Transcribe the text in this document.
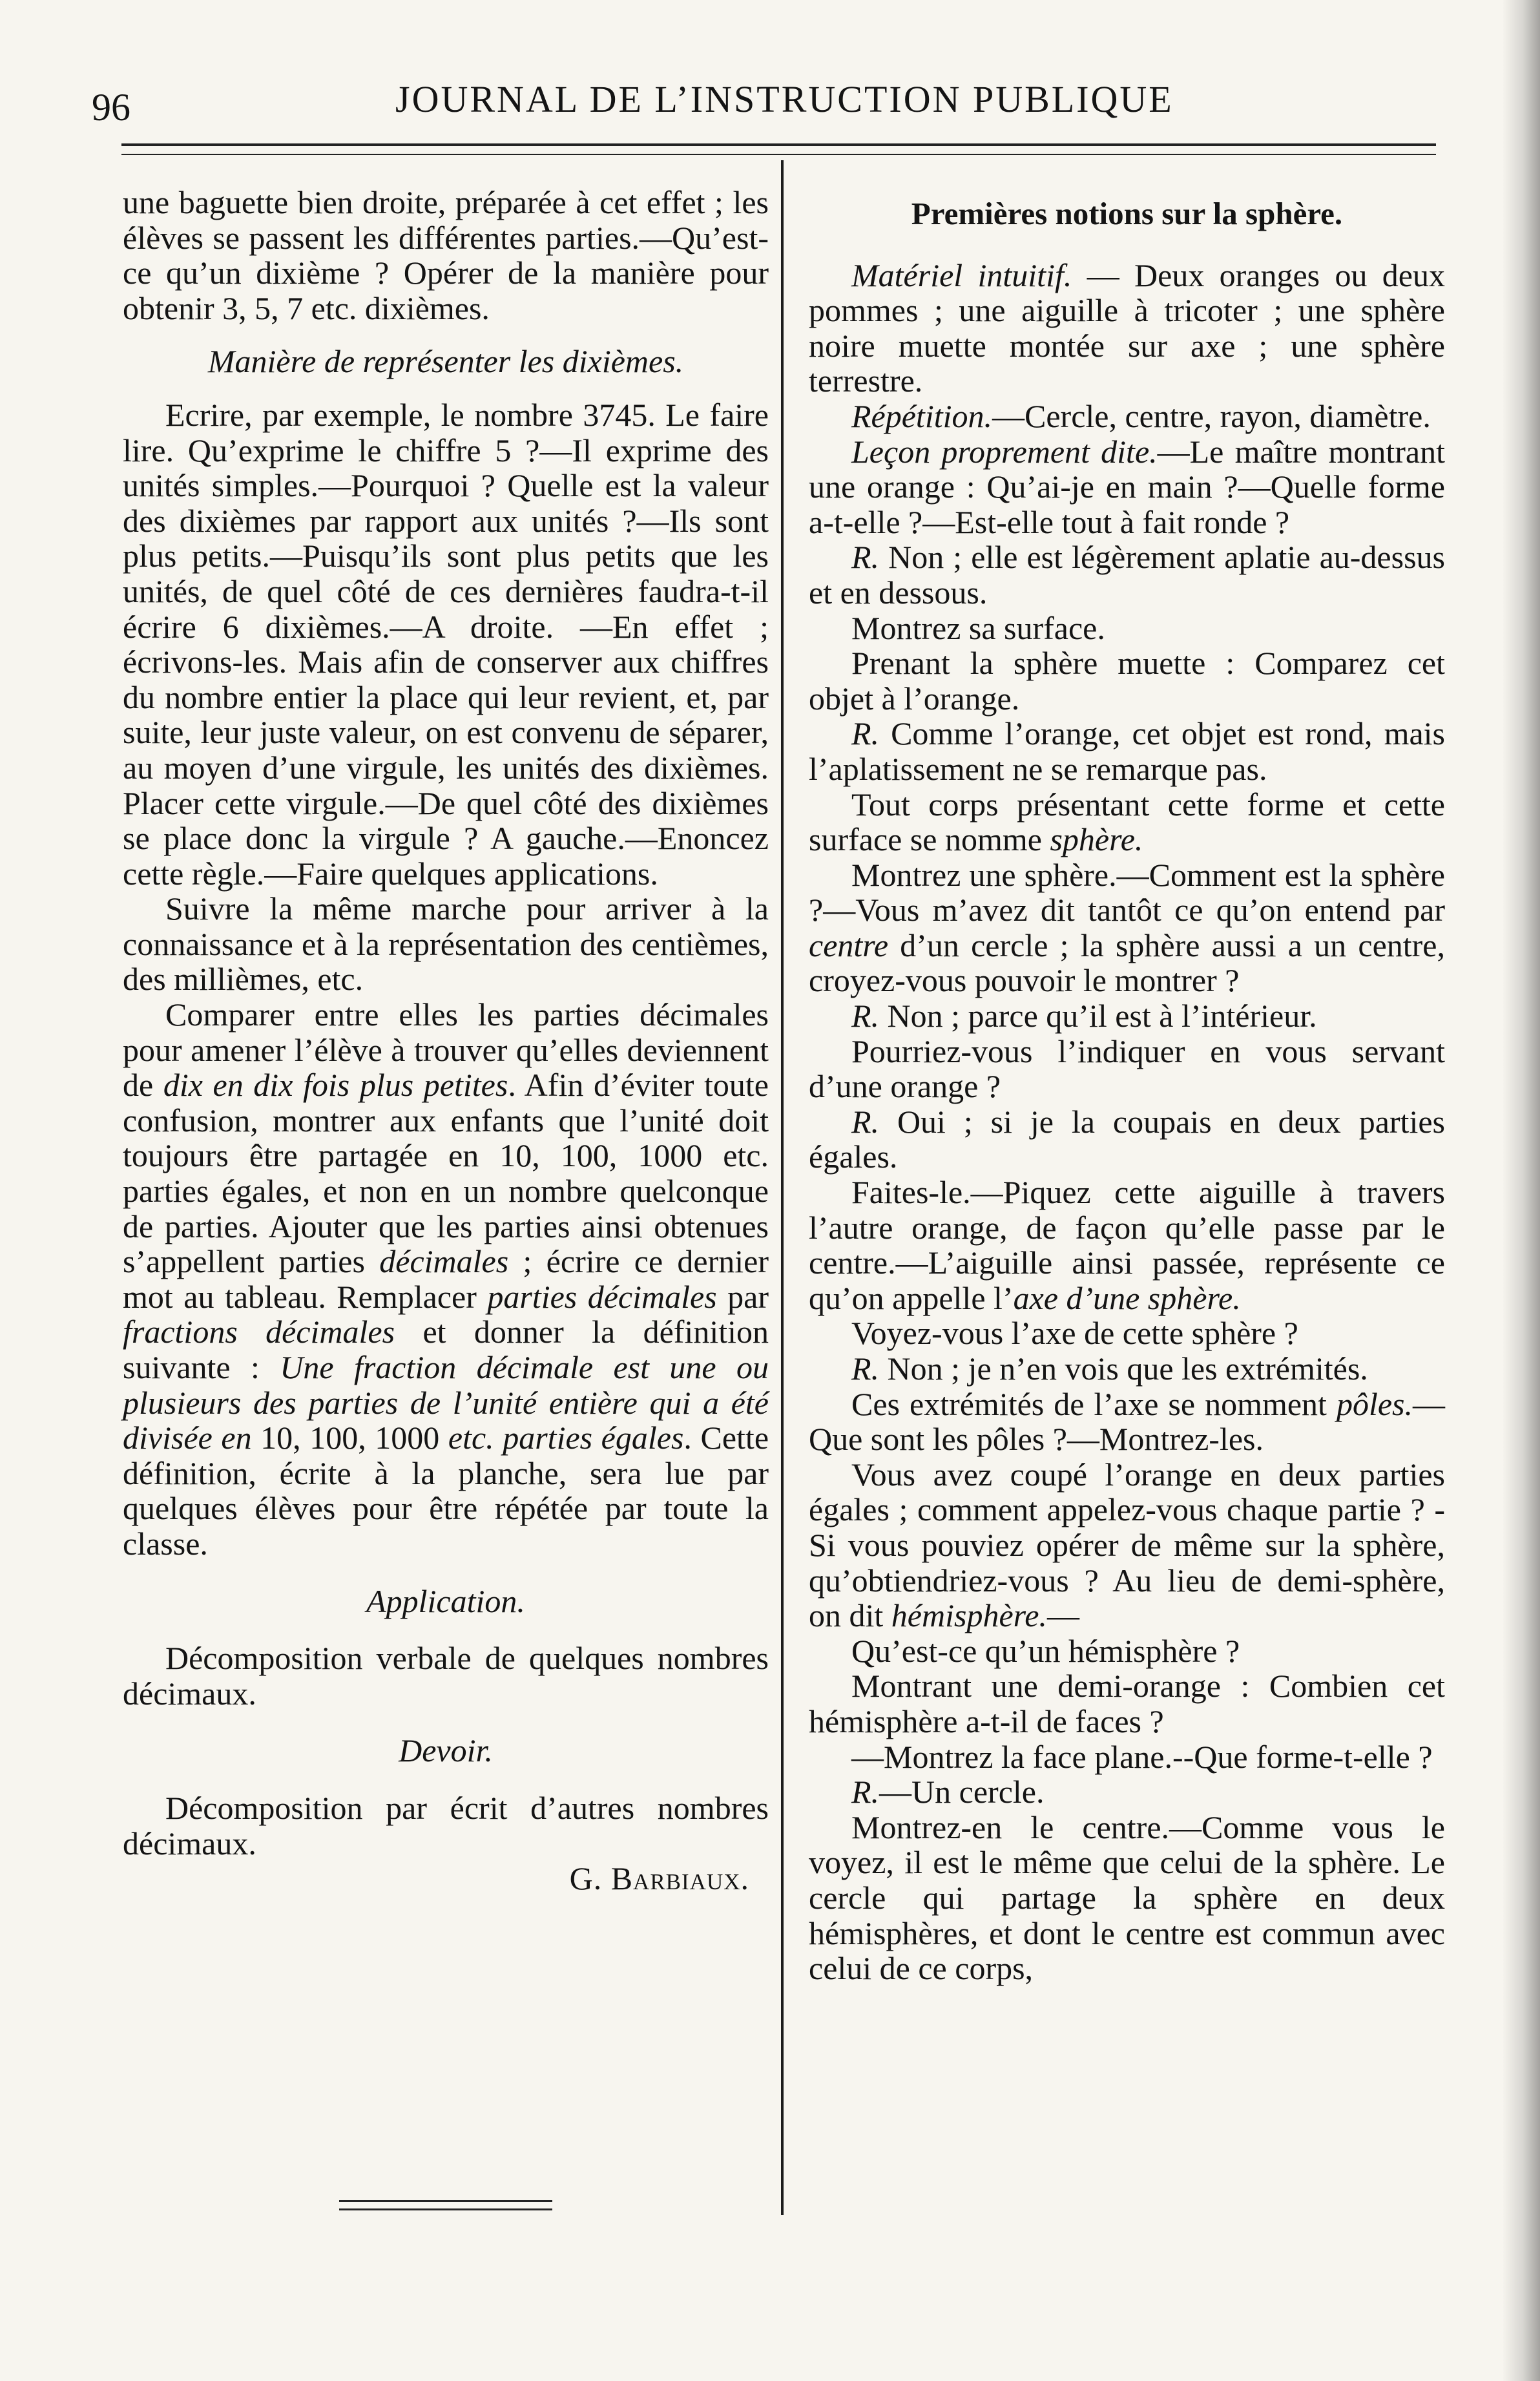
96	JOURNAL DE L’INSTRUCTION PUBLIQUE

une baguette bien droite, préparée à cet effet ; les élèves se passent les différentes parties.—Qu’est-ce qu’un dixième ? Opérer de la manière pour obtenir 3, 5, 7 etc. dixièmes.

Manière de représenter les dixièmes.

Ecrire, par exemple, le nombre 3745. Le faire lire. Qu’exprime le chiffre 5 ?—Il exprime des unités simples.—Pourquoi ? Quelle est la valeur des dixièmes par rapport aux unités ?—Ils sont plus petits.—Puisqu’ils sont plus petits que les unités, de quel côté de ces dernières faudra-t-il écrire 6 dixièmes.—A droite. —En effet ; écrivons-les. Mais afin de conserver aux chiffres du nombre entier la place qui leur revient, et, par suite, leur juste valeur, on est convenu de séparer, au moyen d’une virgule, les unités des dixièmes. Placer cette virgule.—De quel côté des dixièmes se place donc la virgule ? A gauche.—Enoncez cette règle.—Faire quelques applications.

Suivre la même marche pour arriver à la connaissance et à la représentation des centièmes, des millièmes, etc.

Comparer entre elles les parties décimales pour amener l’élève à trouver qu’elles deviennent de dix en dix fois plus petites. Afin d’éviter toute confusion, montrer aux enfants que l’unité doit toujours être partagée en 10, 100, 1000 etc. parties égales, et non en un nombre quelconque de parties. Ajouter que les parties ainsi obtenues s’appellent parties décimales ; écrire ce dernier mot au tableau. Remplacer parties décimales par fractions décimales et donner la définition suivante : Une fraction décimale est une ou plusieurs des parties de l’unité entière qui a été divisée en 10, 100, 1000 etc. parties égales. Cette définition, écrite à la planche, sera lue par quelques élèves pour être répétée par toute la classe.

Application.

Décomposition verbale de quelques nombres décimaux.

Devoir.

Décomposition par écrit d’autres nombres décimaux.

G. Barbiaux.

Premières notions sur la sphère.

Matériel intuitif. — Deux oranges ou deux pommes ; une aiguille à tricoter ; une sphère noire muette montée sur axe ; une sphère terrestre.

Répétition.—Cercle, centre, rayon, diamètre.

Leçon proprement dite.—Le maître montrant une orange : Qu’ai-je en main ?—Quelle forme a-t-elle ?—Est-elle tout à fait ronde ?

R. Non ; elle est légèrement aplatie au-dessus et en dessous.

Montrez sa surface.

Prenant la sphère muette : Comparez cet objet à l’orange.

R. Comme l’orange, cet objet est rond, mais l’aplatissement ne se remarque pas.

Tout corps présentant cette forme et cette surface se nomme sphère.

Montrez une sphère.—Comment est la sphère ?—Vous m’avez dit tantôt ce qu’on entend par centre d’un cercle ; la sphère aussi a un centre, croyez-vous pouvoir le montrer ?

R. Non ; parce qu’il est à l’intérieur.

Pourriez-vous l’indiquer en vous servant d’une orange ?

R. Oui ; si je la coupais en deux parties égales.

Faites-le.—Piquez cette aiguille à travers l’autre orange, de façon qu’elle passe par le centre.—L’aiguille ainsi passée, représente ce qu’on appelle l’axe d’une sphère.

Voyez-vous l’axe de cette sphère ?

R. Non ; je n’en vois que les extrémités.

Ces extrémités de l’axe se nomment pôles.—Que sont les pôles ?—Montrez-les.

Vous avez coupé l’orange en deux parties égales ; comment appelez-vous chaque partie ? - Si vous pouviez opérer de même sur la sphère, qu’obtiendriez-vous ? Au lieu de demi-sphère, on dit hémisphère.—

Qu’est-ce qu’un hémisphère ?

Montrant une demi-orange : Combien cet hémisphère a-t-il de faces ?

—Montrez la face plane.--Que forme-t-elle ?

R.—Un cercle.

Montrez-en le centre.—Comme vous le voyez, il est le même que celui de la sphère. Le cercle qui partage la sphère en deux hémisphères, et dont le centre est commun avec celui de ce corps,
